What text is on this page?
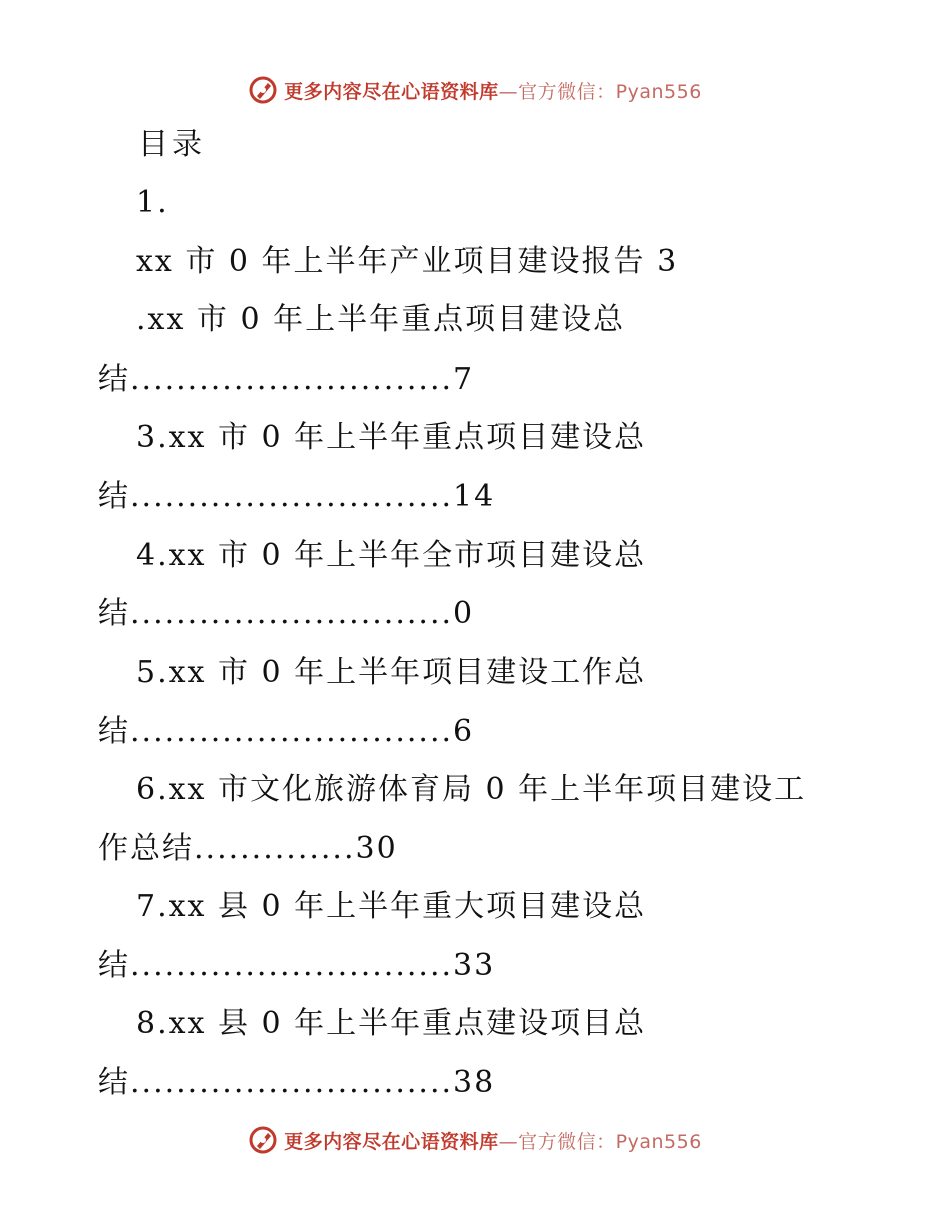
更多内容尽在心语资料库—官方微信：Pyan556
目录
1.
xx 市 0 年上半年产业项目建设报告 3
.xx 市 0 年上半年重点项目建设总
结............................7
3.xx 市 0 年上半年重点项目建设总
结............................14
4.xx 市 0 年上半年全市项目建设总
结............................0
5.xx 市 0 年上半年项目建设工作总
结............................6
6.xx 市文化旅游体育局 0 年上半年项目建设工
作总结..............30
7.xx 县 0 年上半年重大项目建设总
结............................33
8.xx 县 0 年上半年重点建设项目总
结............................38
更多内容尽在心语资料库—官方微信：Pyan556
